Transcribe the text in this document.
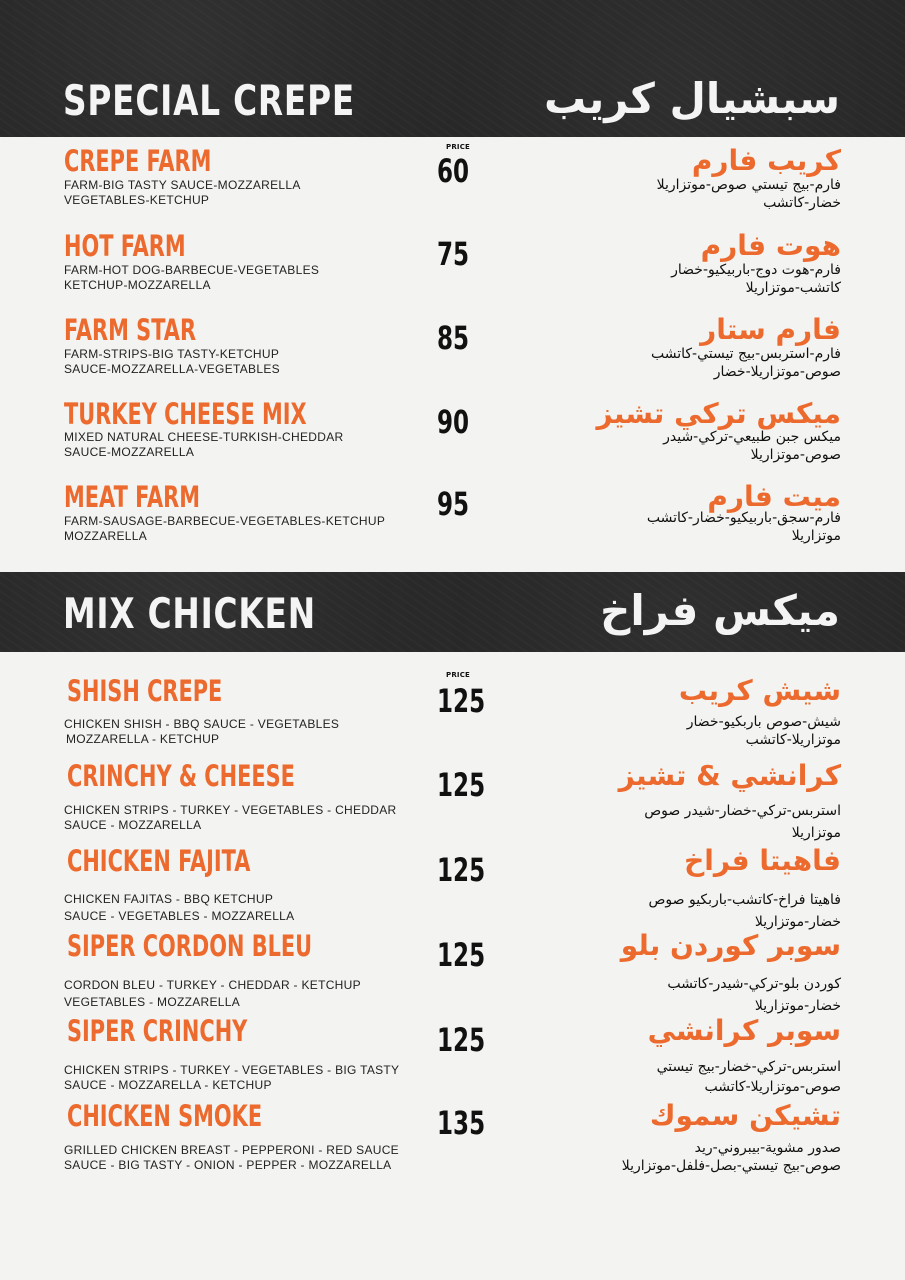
SPECIAL CREPE	سبشيال كريب
PRICE
CREPE FARM
FARM-BIG TASTY SAUCE-MOZZARELLA
VEGETABLES-KETCHUP
60	كريب فارم
فارم-بيج تيستي صوص-موتزاريلا
خضار-كاتشب
HOT FARM
FARM-HOT DOG-BARBECUE-VEGETABLES
KETCHUP-MOZZARELLA
75	هوت فارم
فارم-هوت دوج-باربيكيو-خضار
كاتشب-موتزاريلا
FARM STAR
FARM-STRIPS-BIG TASTY-KETCHUP
SAUCE-MOZZARELLA-VEGETABLES
85	فارم ستار
فارم-استربس-بيج تيستي-كاتشب
صوص-موتزاريلا-خضار
TURKEY CHEESE MIX
MIXED NATURAL CHEESE-TURKISH-CHEDDAR
SAUCE-MOZZARELLA
90	ميكس تركي تشيز
ميكس جبن طبيعي-تركي-شيدر
صوص-موتزاريلا
MEAT FARM
FARM-SAUSAGE-BARBECUE-VEGETABLES-KETCHUP
MOZZARELLA
95	ميت فارم
فارم-سجق-باربيكيو-خضار-كاتشب
موتزاريلا
MIX CHICKEN	ميكس فراخ
PRICE
SHISH CREPE
CHICKEN SHISH - BBQ SAUCE - VEGETABLES
MOZZARELLA - KETCHUP
125	شيش كريب
شيش-صوص باربكيو-خضار
موتزاريلا-كاتشب
CRINCHY & CHEESE
CHICKEN STRIPS - TURKEY - VEGETABLES - CHEDDAR
SAUCE - MOZZARELLA
125	كرانشي & تشيز
استربس-تركي-خضار-شيدر صوص
موتزاريلا
CHICKEN FAJITA
CHICKEN FAJITAS - BBQ KETCHUP
SAUCE - VEGETABLES - MOZZARELLA
125	فاهيتا فراخ
فاهيتا فراخ-كاتشب-باربكيو صوص
خضار-موتزاريلا
SIPER CORDON BLEU
CORDON BLEU - TURKEY - CHEDDAR - KETCHUP
VEGETABLES - MOZZARELLA
125	سوبر كوردن بلو
كوردن بلو-تركي-شيدر-كاتشب
خضار-موتزاريلا
SIPER CRINCHY
CHICKEN STRIPS - TURKEY - VEGETABLES - BIG TASTY
SAUCE - MOZZARELLA - KETCHUP
125	سوبر كرانشي
استربس-تركي-خضار-بيج تيستي
صوص-موتزاريلا-كاتشب
CHICKEN SMOKE
GRILLED CHICKEN BREAST - PEPPERONI - RED SAUCE
SAUCE - BIG TASTY - ONION - PEPPER - MOZZARELLA
135	تشيكن سموك
صدور مشوية-بيبروني-ريد
صوص-بيج تيستي-بصل-فلفل-موتزاريلا
